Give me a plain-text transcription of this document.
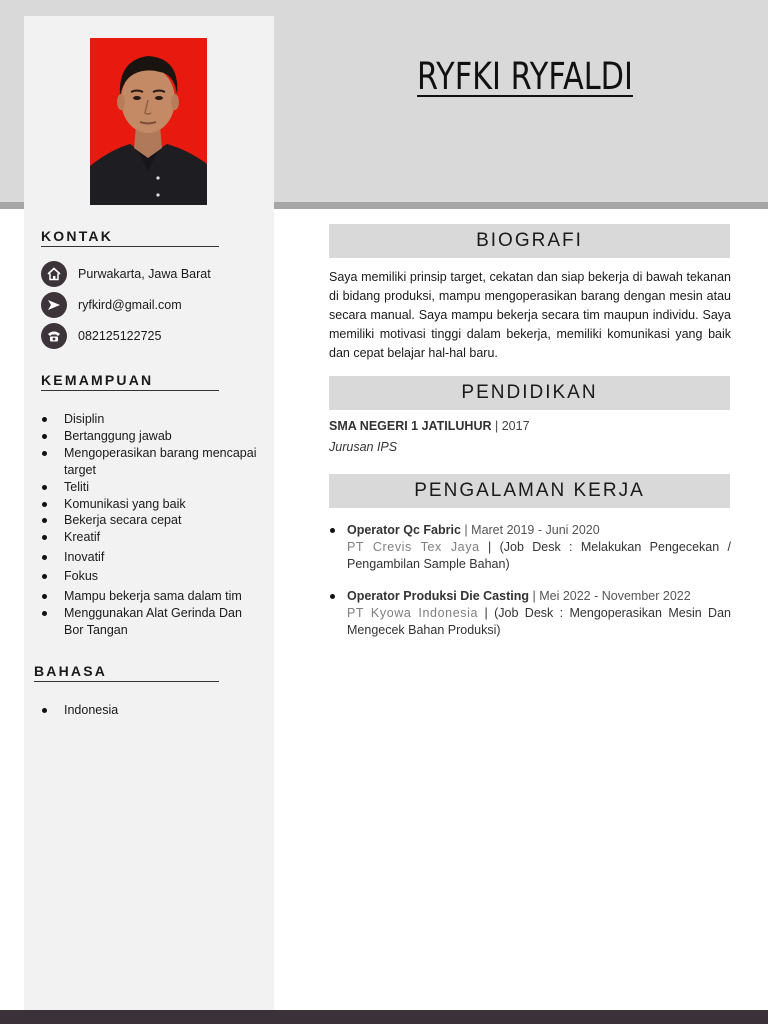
RYFKI RYFALDI
KONTAK
Purwakarta, Jawa Barat
ryfkird@gmail.com
082125122725
KEMAMPUAN
Disiplin
Bertanggung jawab
Mengoperasikan barang mencapai target
Teliti
Komunikasi yang baik
Bekerja secara cepat
Kreatif
Inovatif
Fokus
Mampu bekerja sama dalam tim
Menggunakan Alat Gerinda Dan Bor Tangan
BAHASA
Indonesia
BIOGRAFI

Saya memiliki prinsip target, cekatan dan siap bekerja di bawah tekanan di bidang produksi, mampu mengoperasikan barang dengan mesin atau secara manual. Saya mampu bekerja secara tim maupun individu. Saya memiliki motivasi tinggi dalam bekerja, memiliki komunikasi yang baik dan cepat belajar hal-hal baru.

PENDIDIKAN
SMA NEGERI 1 JATILUHUR | 2017
Jurusan IPS
PENGALAMAN KERJA
Operator Qc Fabric | Maret 2019 - Juni 2020
PT Crevis Tex Jaya | (Job Desk : Melakukan Pengecekan / Pengambilan Sample Bahan)
Operator Produksi Die Casting | Mei 2022 - November 2022
PT Kyowa Indonesia | (Job Desk : Mengoperasikan Mesin Dan Mengecek Bahan Produksi)
